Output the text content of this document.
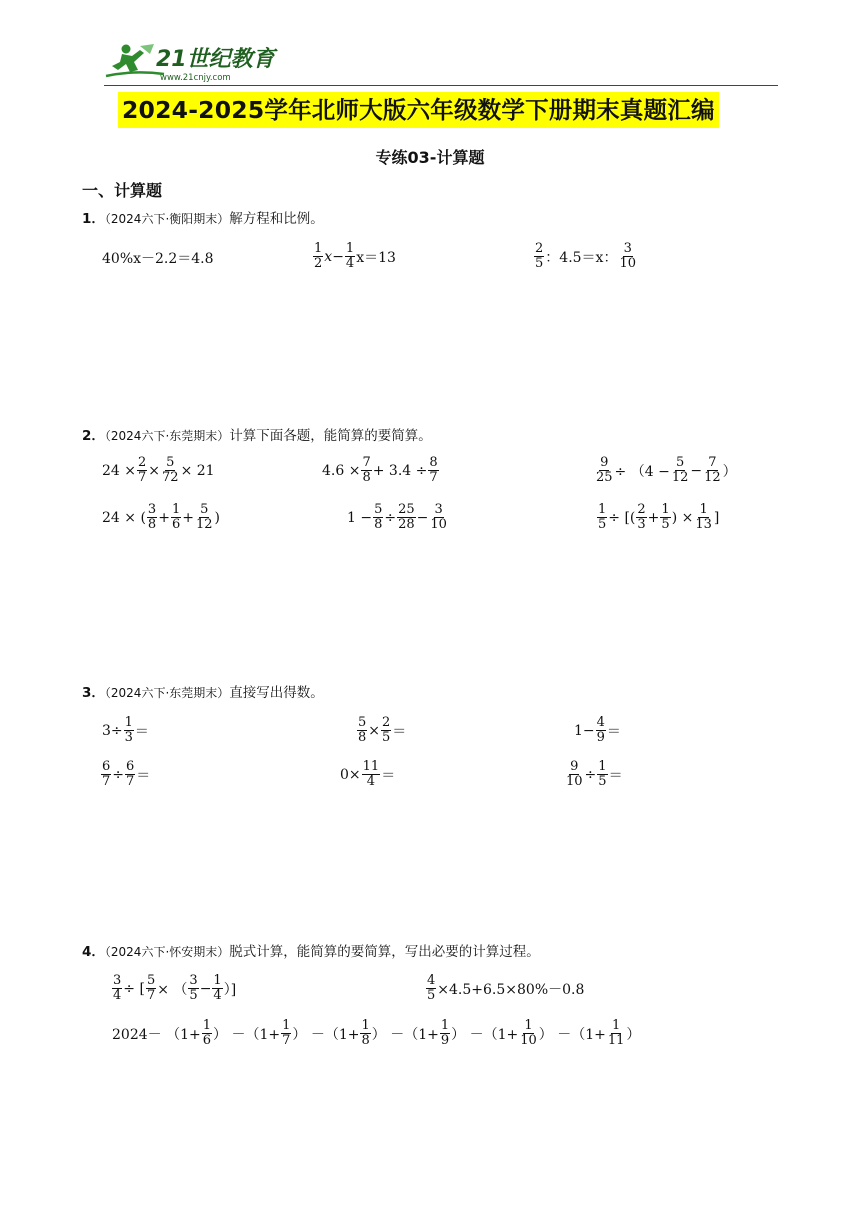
21世纪教育
www.21cnjy.com
2024-2025学年北师大版六年级数学下册期末真题汇编
专练03-计算题
一、计算题
1．（2024六下·衡阳期末）解方程和比例。
40%x－2.2＝4.8	$\frac{1}{2}$ $x - \frac{1}{4} x=13$	$\frac{2}{5}$ ：4.5＝x： $\frac{3}{10}$
2．（2024六下·东莞期末）计算下面各题，能简算的要简算。
$24 \times \frac{2}{7} \times \frac{5}{72} \times 21$	$4.6 \times \frac{7}{8} + 3.4 \div \frac{8}{7}$	$\frac{9}{25} \div (4 - \frac{5}{12} - \frac{7}{12}$ ）
24 × ( $\frac{3}{8} + \frac{1}{6} + \frac{5}{12}$ )	$1 - \frac{5}{8} \div \frac{25}{28} - \frac{3}{10}$	$\frac{1}{5}$ ÷ [( $\frac{2}{3} + \frac{1}{5}$ ) × $\frac{1}{13}$ ]
3．（2024六下·东莞期末）直接写出得数。
$3\div \frac{1}{3}$ ＝	$\frac{5}{8} \times \frac{2}{5}$ ＝	$1- \frac{4}{9}$ ＝
$\frac{6}{7} \div \frac{6}{7}$ ＝	$0\times \frac{11}{4}$ ＝	$\frac{9}{10} \div \frac{1}{5}$ ＝
4．（2024六下·怀安期末）脱式计算，能简算的要简算，写出必要的计算过程。
$\frac{3}{4}$ ÷ [ $\frac{5}{7}$ × （ $\frac{3}{5} - \frac{1}{4}$ ）]	$\frac{4}{5} \times 4.5+6.5\times 80\%-0.8$
$2024- (1+ \frac{1}{6}$ ） $-(1+ \frac{1}{7}$ ） $-(1+ \frac{1}{8}$ ） $-(1+ \frac{1}{9}$ ） $-(1+ \frac{1}{10}$ ） $-(1+ \frac{1}{11}$ ）
